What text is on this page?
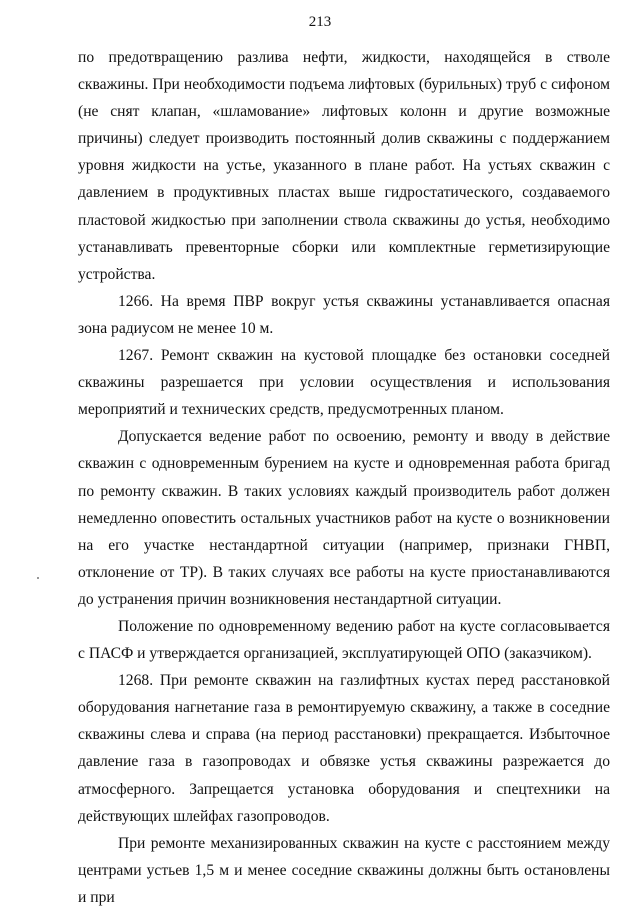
213

по предотвращению разлива нефти, жидкости, находящейся в стволе скважины. При необходимости подъема лифтовых (бурильных) труб с сифоном (не снят клапан, «шламование» лифтовых колонн и другие возможные причины) следует производить постоянный долив скважины с поддержанием уровня жидкости на устье, указанного в плане работ. На устьях скважин с давлением в продуктивных пластах выше гидростатического, создаваемого пластовой жидкостью при заполнении ствола скважины до устья, необходимо устанавливать превенторные сборки или комплектные герметизирующие устройства.

1266. На время ПВР вокруг устья скважины устанавливается опасная зона радиусом не менее 10 м.

1267. Ремонт скважин на кустовой площадке без остановки соседней скважины разрешается при условии осуществления и использования мероприятий и технических средств, предусмотренных планом.

Допускается ведение работ по освоению, ремонту и вводу в действие скважин с одновременным бурением на кусте и одновременная работа бригад по ремонту скважин. В таких условиях каждый производитель работ должен немедленно оповестить остальных участников работ на кусте о возникновении на его участке нестандартной ситуации (например, признаки ГНВП, отклонение от ТР). В таких случаях все работы на кусте приостанавливаются до устранения причин возникновения нестандартной ситуации.

Положение по одновременному ведению работ на кусте согласовывается с ПАСФ и утверждается организацией, эксплуатирующей ОПО (заказчиком).

1268. При ремонте скважин на газлифтных кустах перед расстановкой оборудования нагнетание газа в ремонтируемую скважину, а также в соседние скважины слева и справа (на период расстановки) прекращается. Избыточное давление газа в газопроводах и обвязке устья скважины разрежается до атмосферного. Запрещается установка оборудования и спецтехники на действующих шлейфах газопроводов.

При ремонте механизированных скважин на кусте с расстоянием между центрами устьев 1,5 м и менее соседние скважины должны быть остановлены и при
